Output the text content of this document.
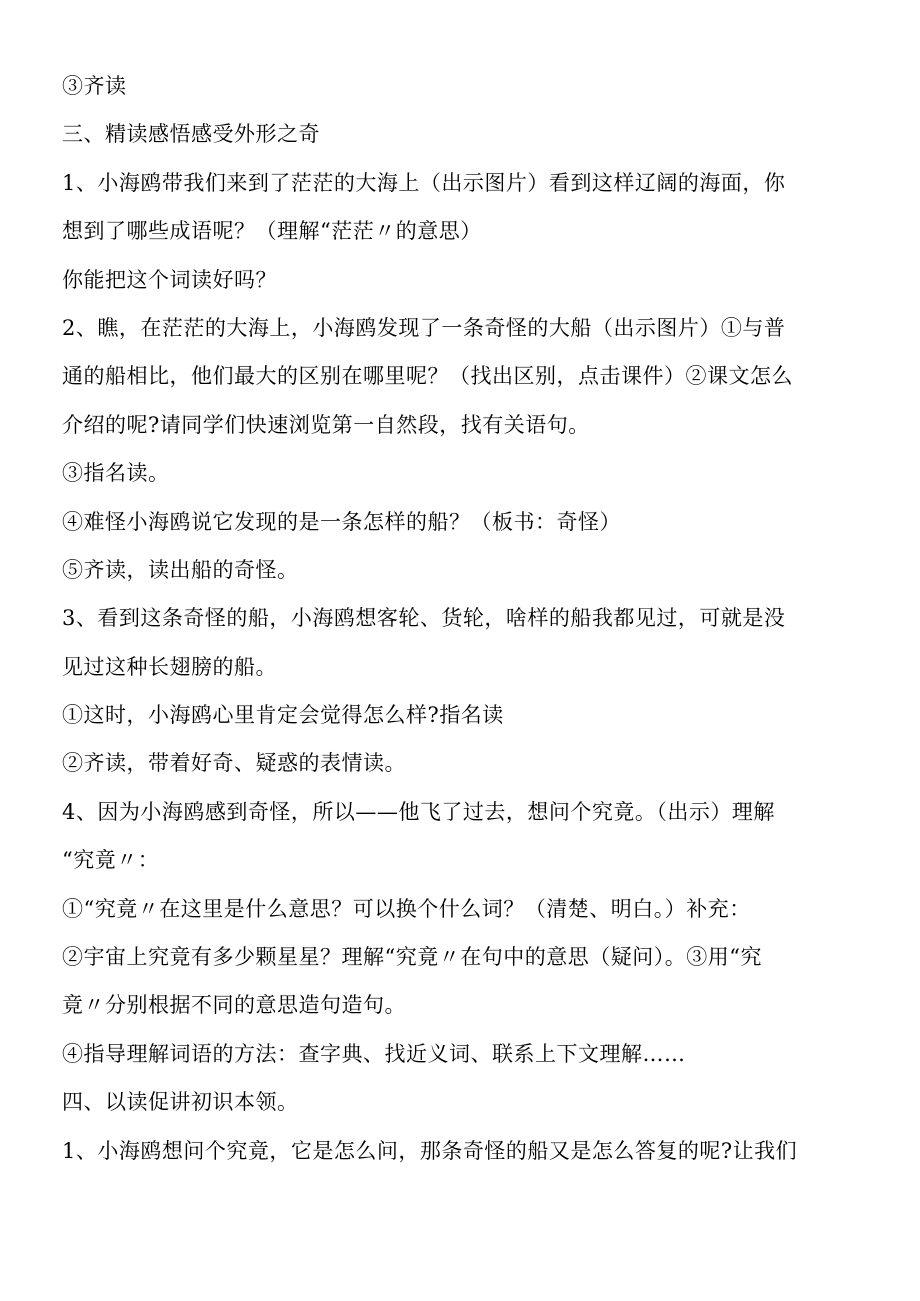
③齐读
三、精读感悟感受外形之奇
1、小海鸥带我们来到了茫茫的大海上（出示图片）看到这样辽阔的海面，你
想到了哪些成语呢？（理解“茫茫〃的意思）
你能把这个词读好吗？
2、瞧，在茫茫的大海上，小海鸥发现了一条奇怪的大船（出示图片）①与普
通的船相比，他们最大的区别在哪里呢？（找出区别，点击课件）②课文怎么
介绍的呢?请同学们快速浏览第一自然段，找有关语句。
③指名读。
④难怪小海鸥说它发现的是一条怎样的船？（板书：奇怪）
⑤齐读，读出船的奇怪。
3、看到这条奇怪的船，小海鸥想客轮、货轮，啥样的船我都见过，可就是没
见过这种长翅膀的船。
①这时，小海鸥心里肯定会觉得怎么样?指名读
②齐读，带着好奇、疑惑的表情读。
4、因为小海鸥感到奇怪，所以——他飞了过去，想问个究竟。（出示）理解
“究竟〃：
①“究竟〃在这里是什么意思？可以换个什么词？（清楚、明白。）补充：
②宇宙上究竟有多少颗星星？理解“究竟〃在句中的意思（疑问）。③用“究
竟〃分别根据不同的意思造句造句。
④指导理解词语的方法：查字典、找近义词、联系上下文理解……
四、以读促讲初识本领。
1、小海鸥想问个究竟，它是怎么问，那条奇怪的船又是怎么答复的呢?让我们
